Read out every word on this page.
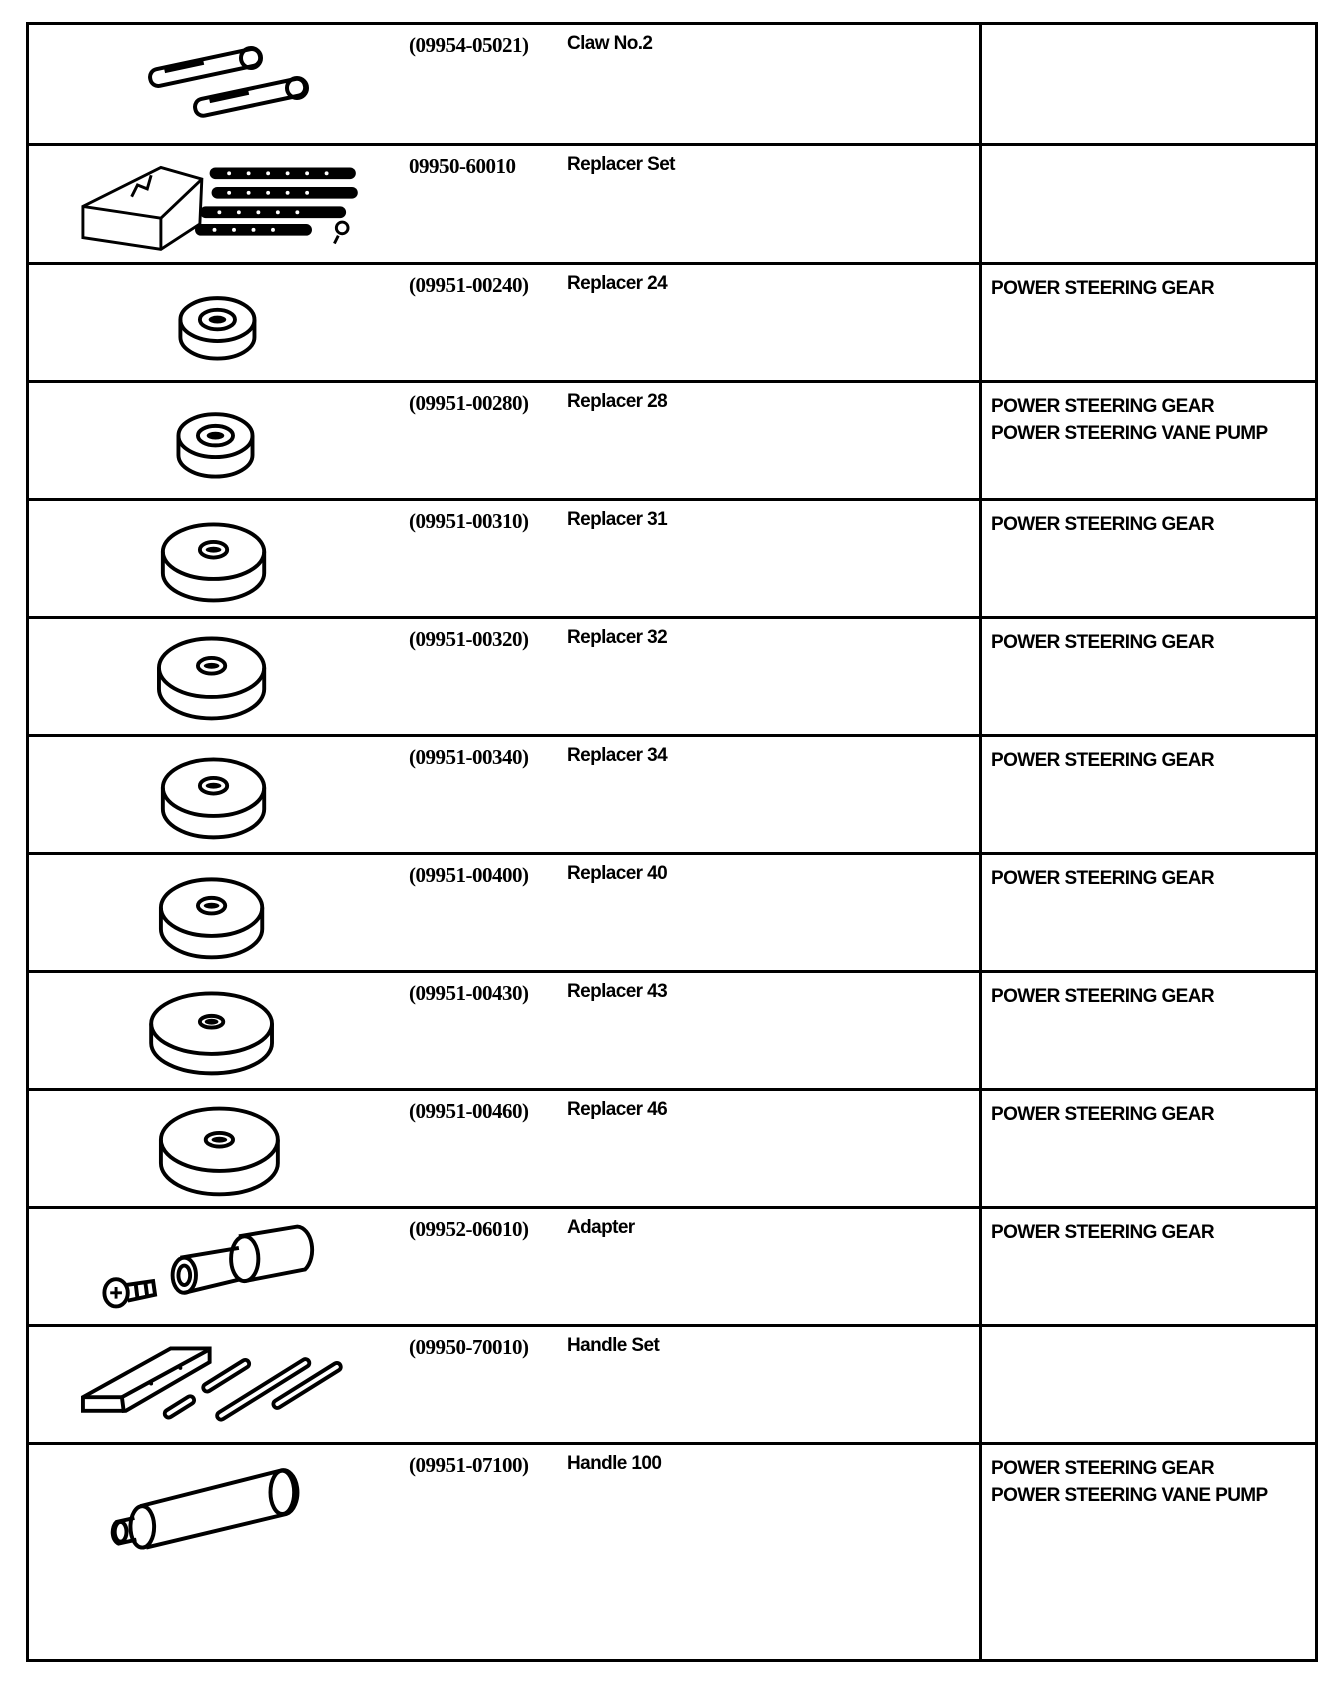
(09954-05021)	Claw No.2
09950-60010	Replacer Set
(09951-00240)	Replacer 24	POWER STEERING GEAR
(09951-00280)	Replacer 28	POWER STEERING GEAR
POWER STEERING VANE PUMP
(09951-00310)	Replacer 31	POWER STEERING GEAR
(09951-00320)	Replacer 32	POWER STEERING GEAR
(09951-00340)	Replacer 34	POWER STEERING GEAR
(09951-00400)	Replacer 40	POWER STEERING GEAR
(09951-00430)	Replacer 43	POWER STEERING GEAR
(09951-00460)	Replacer 46	POWER STEERING GEAR
(09952-06010)	Adapter	POWER STEERING GEAR
(09950-70010)	Handle Set
(09951-07100)	Handle 100	POWER STEERING GEAR
POWER STEERING VANE PUMP
